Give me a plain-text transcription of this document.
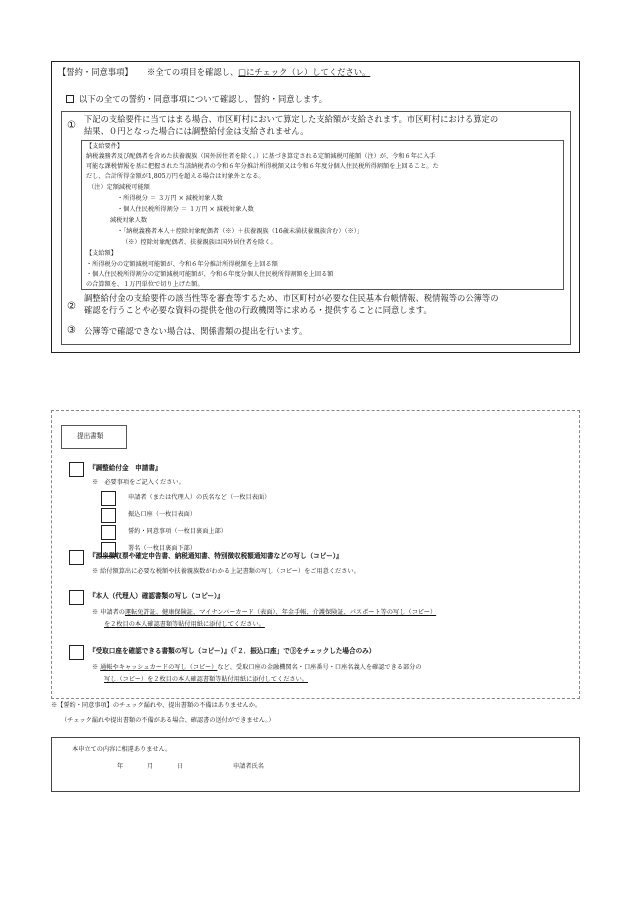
【誓約・同意事項】 ※全ての項目を確認し、□にチェック（レ）してください。
以下の全ての誓約・同意事項について確認し、誓約・同意します。
①
下記の支給要件に当てはまる場合、市区町村において算定した支給額が支給されます。市区町村における算定の
結果、０円となった場合には調整給付金は支給されません。
【支給要件】
納税義務者及び配偶者を含めた扶養親族（国外居住者を除く。）に基づき算定される定額減税可能額（注）が、令和６年に入手
可能な課税情報を基に把握された当該納税者の令和６年分推計所得税額又は令和６年度分個人住民税所得割額を上回ること。た
だし、合計所得金額が1,805万円を超える場合は対象外となる。
（注）定額減税可能額
・所得税分 ＝ ３万円 × 減税対象人数
・個人住民税所得割分 ＝ １万円 × 減税対象人数
減税対象人数
・「納税義務者本人＋控除対象配偶者（※）＋扶養親族（16歳未満扶養親族含む）（※）」
（※）控除対象配偶者、扶養親族は国外居住者を除く。
【支給額】
・所得税分の定額減税可能額が、令和６年分推計所得税額を上回る額
・個人住民税所得割分の定額減税可能額が、令和６年度分個人住民税所得割額を上回る額
の合算額を、１万円単位で切り上げた額。
②
調整給付金の支給要件の該当性等を審査等するため、市区町村が必要な住民基本台帳情報、税情報等の公簿等の
確認を行うことや必要な資料の提供を他の行政機関等に求める・提供することに同意します。
③ 公簿等で確認できない場合は、関係書類の提出を行います。
提出書類
『調整給付金　申請書』
※　必要事項をご記入ください。
申請者（または代理人）の氏名など（一枚目表面）
振込口座（一枚目表面）
誓約・同意事項（一枚目裏面上部）
署名（一枚目裏面下部）
『源泉徴収票や確定申告書、納税通知書、特別徴収税額通知書などの写し（コピー）』
※ 給付額算出に必要な税額や扶養親族数がわかる上記書類の写し（コピー）をご用意ください。
『本人（代理人）確認書類の写し（コピー）』
※ 申請者の運転免許証、健康保険証、マイナンバーカード（表面）、年金手帳、介護保険証、パスポート等の写し（コピー）
を２枚目の本人確認書類等貼付用紙に添付してください。
『受取口座を確認できる書類の写し（コピー）』（「２．振込口座」で③をチェックした場合のみ）
※ 通帳やキャッシュカードの写し（コピー）など、受取口座の金融機関名・口座番号・口座名義人を確認できる部分の
写し（コピー）を２枚目の本人確認書類等貼付用紙に添付してください。
※【誓約・同意事項】のチェック漏れや、提出書類の不備はありませんか。
（チェック漏れや提出書類の不備がある場合、確認書の送付ができません。）
本申立ての内容に相違ありません。
年	月	日	申請者氏名
